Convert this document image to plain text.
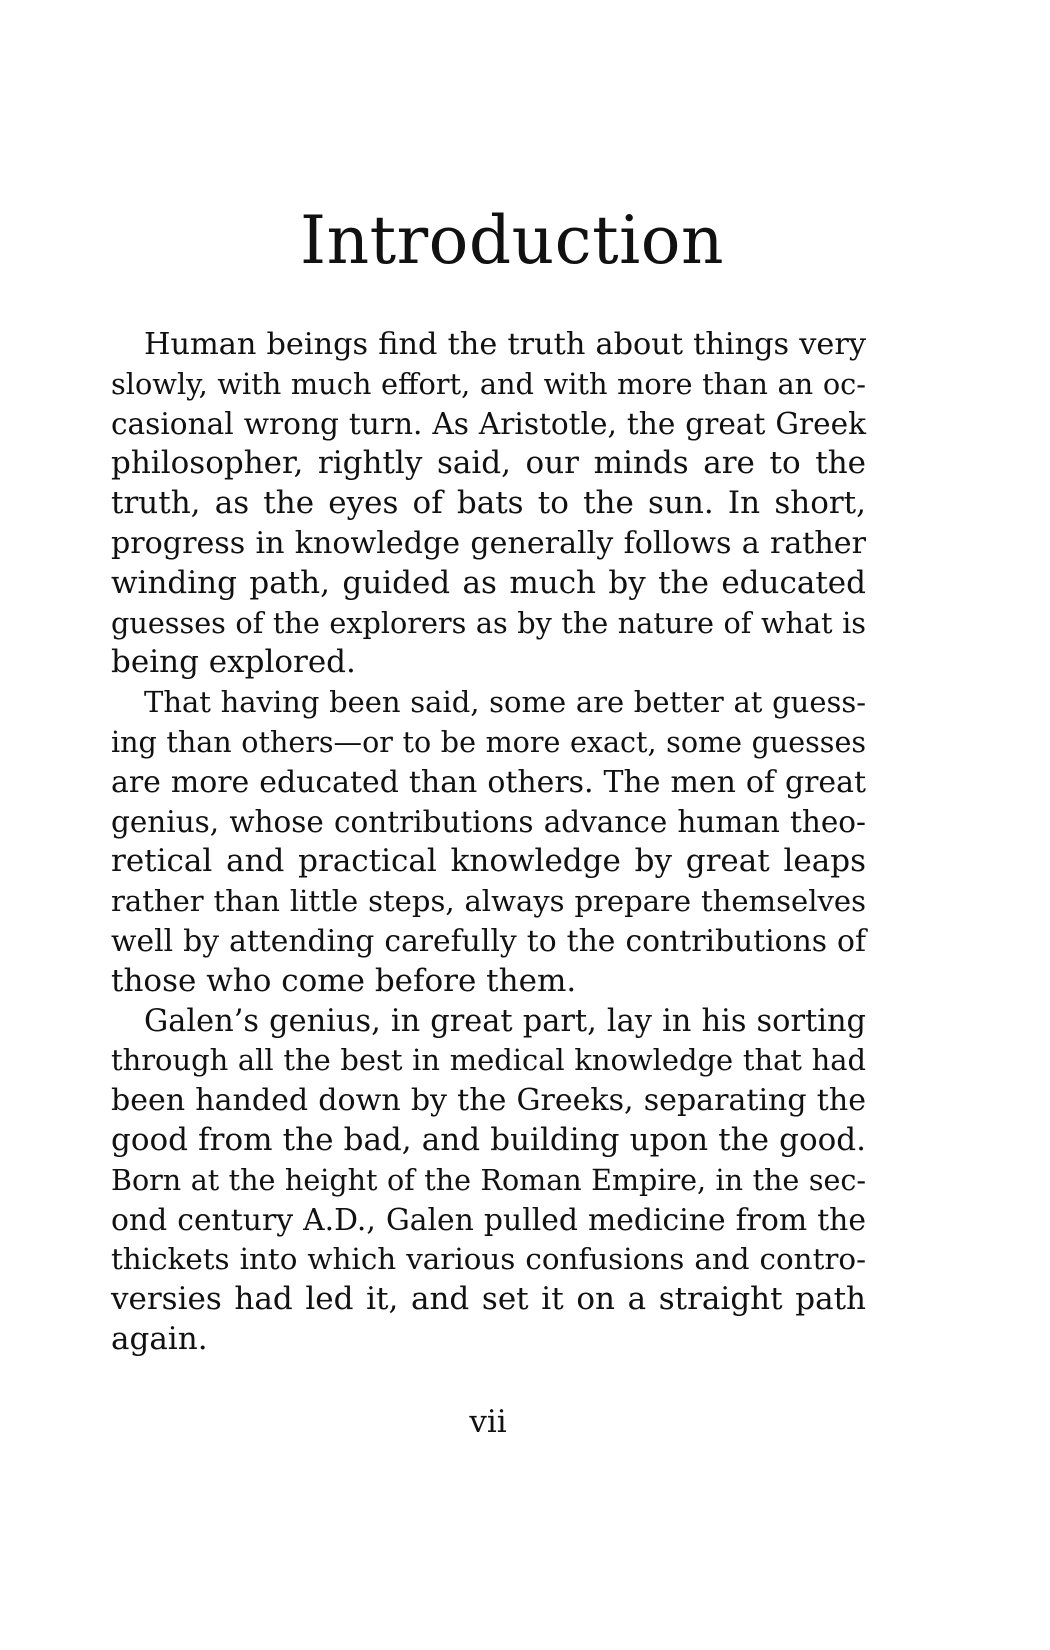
Introduction

Human beings find the truth about things very
slowly, with much effort, and with more than an oc-
casional wrong turn. As Aristotle, the great Greek
philosopher, rightly said, our minds are to the
truth, as the eyes of bats to the sun. In short,
progress in knowledge generally follows a rather
winding path, guided as much by the educated
guesses of the explorers as by the nature of what is
being explored.

That having been said, some are better at guess-
ing than others—or to be more exact, some guesses
are more educated than others. The men of great
genius, whose contributions advance human theo-
retical and practical knowledge by great leaps
rather than little steps, always prepare themselves
well by attending carefully to the contributions of
those who come before them.

Galen’s genius, in great part, lay in his sorting
through all the best in medical knowledge that had
been handed down by the Greeks, separating the
good from the bad, and building upon the good.
Born at the height of the Roman Empire, in the sec-
ond century A.D., Galen pulled medicine from the
thickets into which various confusions and contro-
versies had led it, and set it on a straight path
again.

vii
